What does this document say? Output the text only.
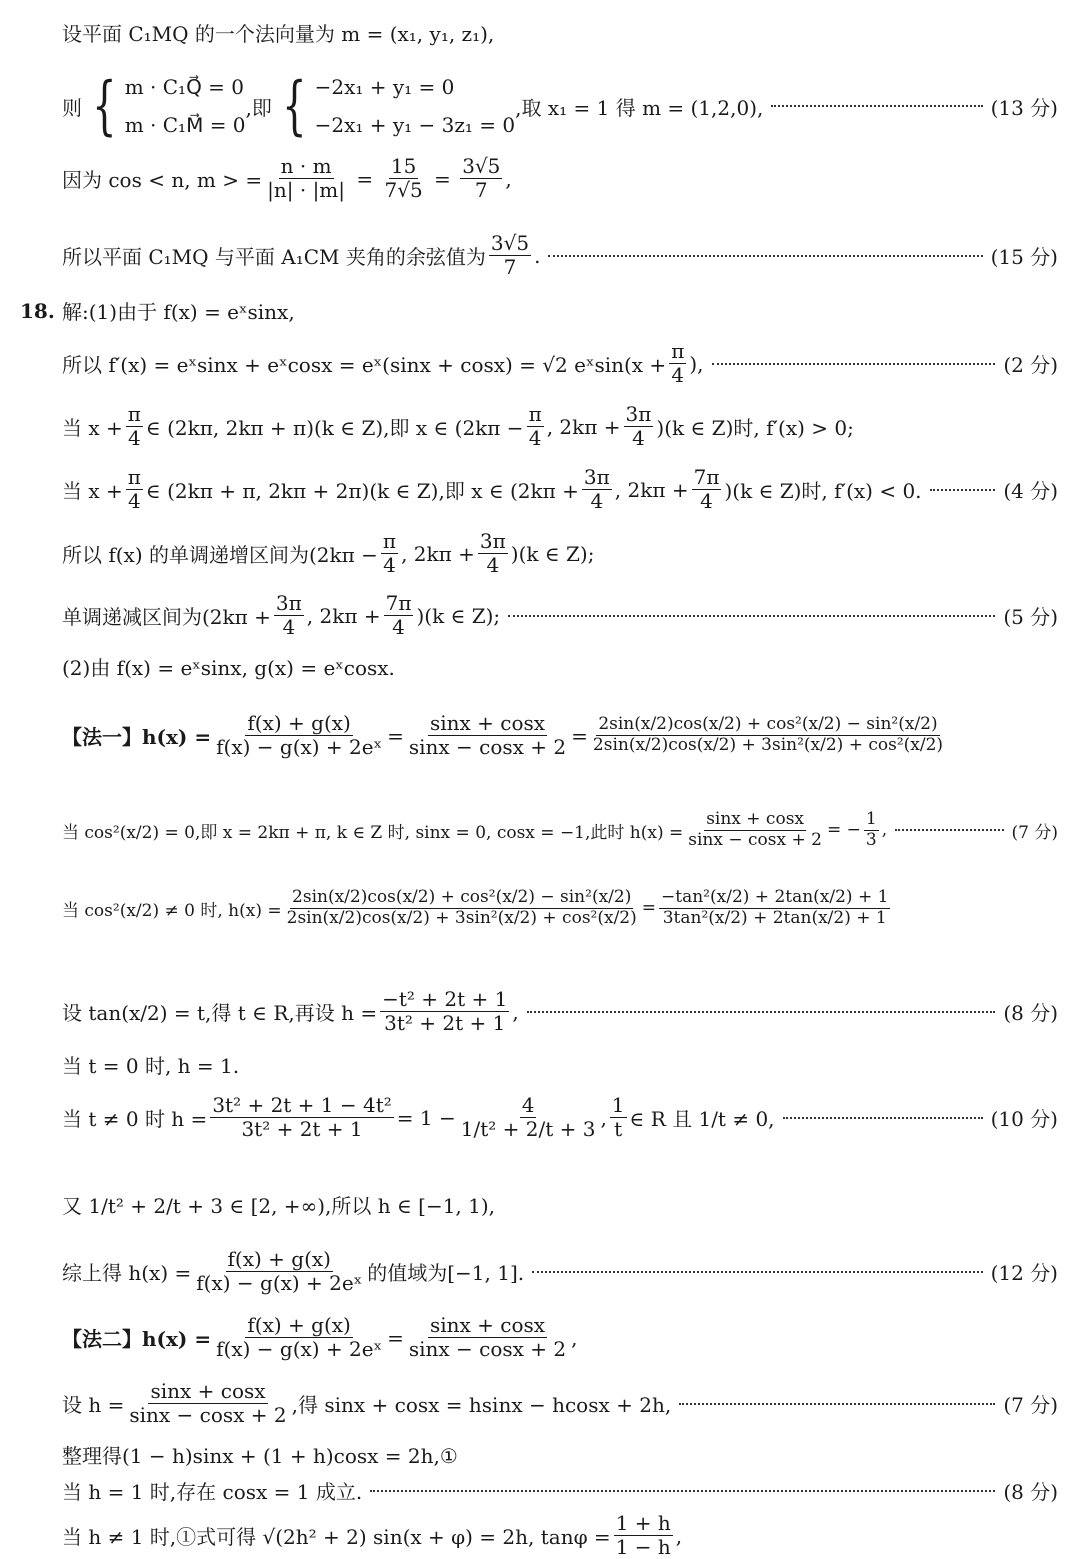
设平面 C₁MQ 的一个法向量为 m = (x₁, y₁, z₁),
则 { m · C₁Q⃗ = 0
m · C₁M⃗ = 0
,即 { −2x₁ + y₁ = 0
−2x₁ + y₁ − 3z₁ = 0
,取 x₁ = 1 得 m = (1,2,0),	(13 分)
因为 cos < n, m > = $\frac{n \cdot m}{|n| \cdot |m|} = \frac{15}{7√5} = \frac{3√5}{7}$ ,
所以平面 C₁MQ 与平面 A₁CM 夹角的余弦值为 $\frac{3√5}{7}$ .	(15 分)
18. 解:(1)由于 f(x) = eˣsinx,
所以 f′(x) = eˣsinx + eˣcosx = eˣ(sinx + cosx) = √2 eˣsin(x + $\frac{\pi}{4}$ ),	(2 分)
当 $x + \frac{\pi}{4}$ ∈ (2kπ, 2kπ + π)(k ∈ Z),即 x ∈ ($2k\pi - \frac{\pi}{4}$ , $2k\pi + \frac{3\pi}{4} )(k$ ∈ Z)时, f′(x) > 0;
当 $x + \frac{\pi}{4}$ ∈ (2kπ + π, 2kπ + 2π)(k ∈ Z),即 x ∈ ($2k\pi + \frac{3\pi}{4}$ , $2k\pi + \frac{7\pi}{4} )(k$ ∈ Z)时, f′(x) < 0.	(4 分)
所以 f(x) 的单调递增区间为($2k\pi - \frac{\pi}{4}$ , $2k\pi + \frac{3\pi}{4} )(k$ ∈ Z);
单调递减区间为($2k\pi + \frac{3\pi}{4}$ , $2k\pi + \frac{7\pi}{4} )(k$ ∈ Z);	(5 分)
(2)由 f(x) = eˣsinx, g(x) = eˣcosx.
【法一】$h(x) = \frac{f(x) + g(x)}{\text{f(x) − g(x) + 2eˣ}} = \frac{\sin x + \cos x}{\sin x - \cos x + 2} = \frac{\text{2sin(x/2)cos(x/2) + cos²(x/2) − sin²(x/2)}}{\text{2sin(x/2)cos(x/2) + 3sin²(x/2) + cos²(x/2)}}$
当 cos²(x/2) = 0,即 x = 2kπ + π, k ∈ Z 时, sinx = 0, cosx = −1,此时 $h(x) = \frac{\sin x + \cos x}{\sin x - \cos x + 2}$ = − $\frac{1}{3}$ ,	(7 分)
当 cos²(x/2) ≠ 0 时, $h(x) = \frac{\text{2sin(x/2)cos(x/2) + cos²(x/2) − sin²(x/2)}}{\text{2sin(x/2)cos(x/2) + 3sin²(x/2) + cos²(x/2)}} = \frac{\text{−tan²(x/2) + 2tan(x/2) + 1}}{\text{3tan²(x/2) + 2tan(x/2) + 1}}$
设 tan(x/2) = t,得 t ∈ R,再设 $h = \frac{\text{−t² + 2t + 1}}{\text{3t² + 2t + 1}}$ ,	(8 分)
当 t = 0 时, h = 1.
当 t ≠ 0 时 $h = \frac{\text{3t² + 2t + 1 − 4t²}}{\text{3t² + 2t + 1}} = 1 - \frac{4}{\text{1/t² + 2/t + 3}}$ , $\frac{1}{t}$ ∈ R 且 1/t ≠ 0,	(10 分)
又 1/t² + 2/t + 3 ∈ [2, +∞),所以 h ∈ [−1, 1),
综上得 $h(x) = \frac{f(x) + g(x)}{\text{f(x) − g(x) + 2eˣ}}$ 的值域为[−1, 1].	(12 分)
【法二】$h(x) = \frac{f(x) + g(x)}{\text{f(x) − g(x) + 2eˣ}} = \frac{\sin x + \cos x}{\sin x - \cos x + 2}$ ,
设 $h = \frac{\sin x + \cos x}{\sin x - \cos x + 2}$ ,得 sinx + cosx = hsinx − hcosx + 2h,	(7 分)
整理得(1 − h)sinx + (1 + h)cosx = 2h,①
当 h = 1 时,存在 cosx = 1 成立.	(8 分)
当 h ≠ 1 时,①式可得 √(2h² + 2) sin(x + φ) = 2h, $\tan\varphi = \frac{1 + h}{1 - h}$ ,
